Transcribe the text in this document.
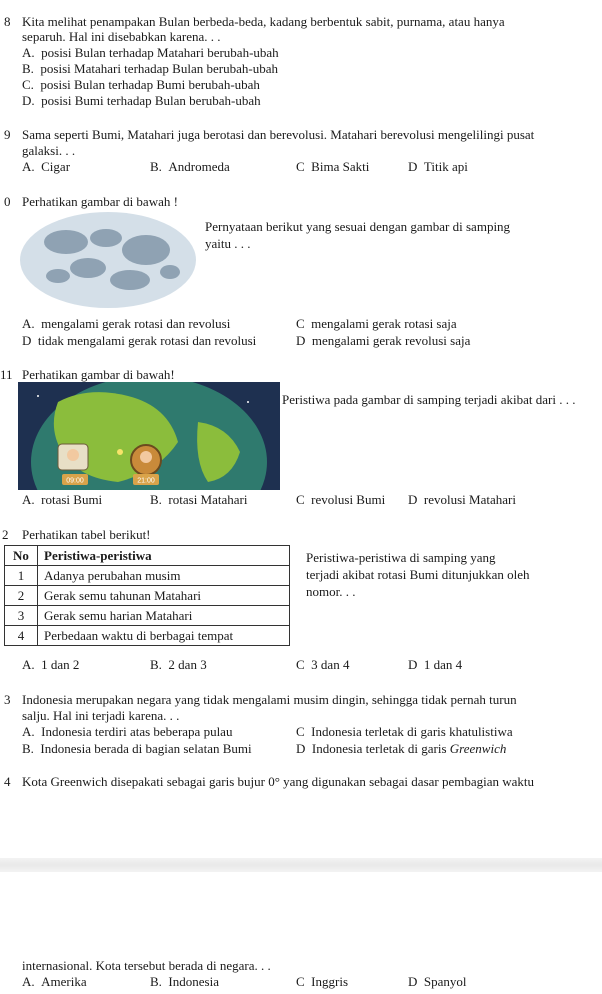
8 Kita melihat penampakan Bulan berbeda-beda, kadang berbentuk sabit, purnama, atau hanya
separuh. Hal ini disebabkan karena. . .
A. posisi Bulan terhadap Matahari berubah-ubah
B. posisi Matahari terhadap Bulan berubah-ubah
C. posisi Bulan terhadap Bumi berubah-ubah
D. posisi Bumi terhadap Bulan berubah-ubah
9 Sama seperti Bumi, Matahari juga berotasi dan berevolusi. Matahari berevolusi mengelilingi pusat
galaksi. . .
A. Cigar	B. Andromeda	C Bima Sakti	D Titik api
0 Perhatikan gambar di bawah !
Pernyataan berikut yang sesuai dengan gambar di samping
yaitu . . .
A. mengalami gerak rotasi dan revolusi	C mengalami gerak rotasi saja
D tidak mengalami gerak rotasi dan revolusi	D mengalami gerak revolusi saja
11 Perhatikan gambar di bawah!
09:00	21:00
Peristiwa pada gambar di samping terjadi akibat dari . . .
A. rotasi Bumi	B. rotasi Matahari	C revolusi Bumi D revolusi Matahari
2 Perhatikan tabel berikut!
No	Peristiwa-peristiwa
1	Adanya perubahan musim
2	Gerak semu tahunan Matahari
3	Gerak semu harian Matahari
4	Perbedaan waktu di berbagai tempat
Peristiwa-peristiwa di samping yang
terjadi akibat rotasi Bumi ditunjukkan oleh
nomor. . .
A. 1 dan 2	B. 2 dan 3	C 3 dan 4	D 1 dan 4
3 Indonesia merupakan negara yang tidak mengalami musim dingin, sehingga tidak pernah turun
salju. Hal ini terjadi karena. . .
A. Indonesia terdiri atas beberapa pulau	C Indonesia terletak di garis khatulistiwa
B. Indonesia berada di bagian selatan Bumi	D Indonesia terletak di garis Greenwich
4 Kota Greenwich disepakati sebagai garis bujur 0° yang digunakan sebagai dasar pembagian waktu
internasional. Kota tersebut berada di negara. . .
A. Amerika	B. Indonesia	C Inggris	D Spanyol
